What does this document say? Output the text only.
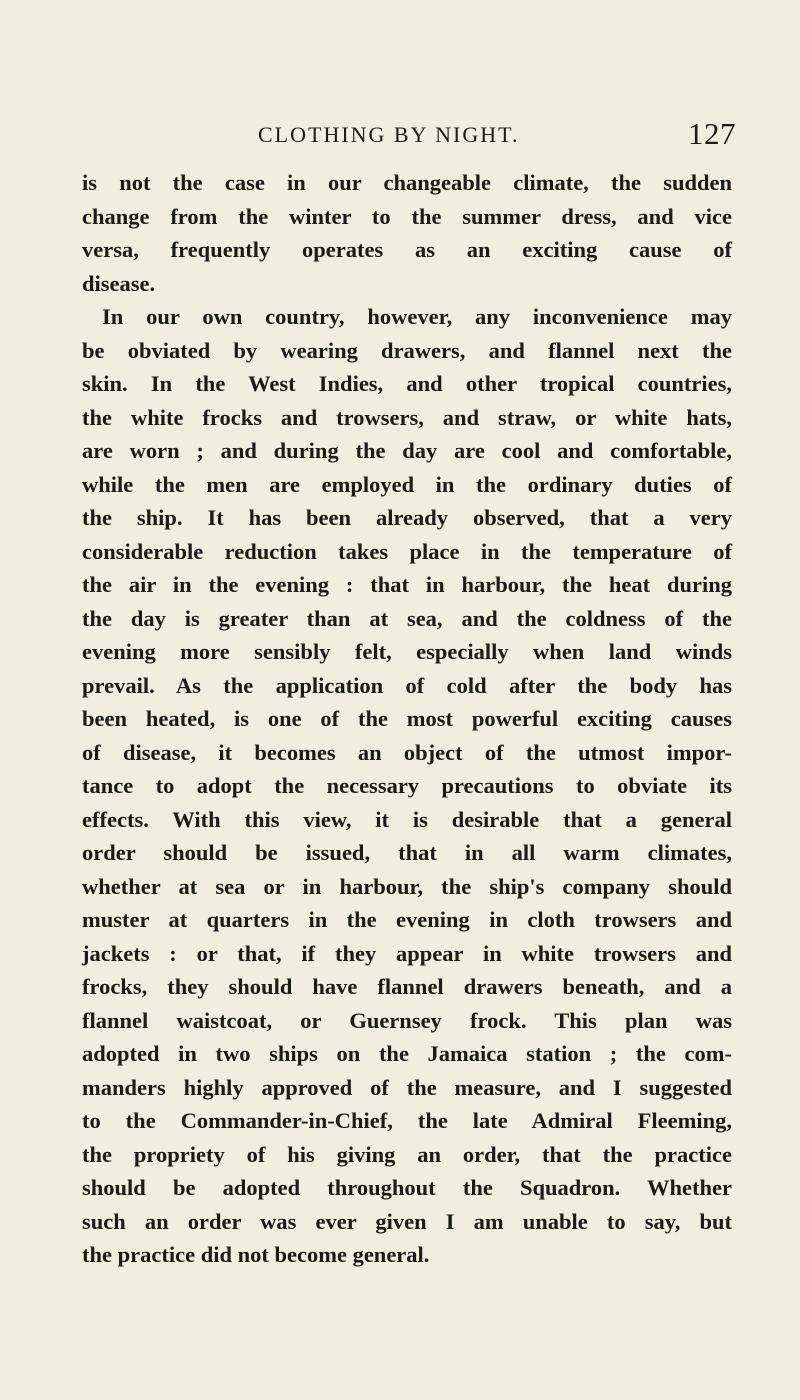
CLOTHING BY NIGHT.	127
is not the case in our changeable climate, the sudden
change from the winter to the summer dress, and vice
versa, frequently operates as an exciting cause of
disease.
In our own country, however, any inconvenience may
be obviated by wearing drawers, and flannel next the
skin. In the West Indies, and other tropical countries,
the white frocks and trowsers, and straw, or white hats,
are worn ; and during the day are cool and comfortable,
while the men are employed in the ordinary duties of
the ship. It has been already observed, that a very
considerable reduction takes place in the temperature of
the air in the evening : that in harbour, the heat during
the day is greater than at sea, and the coldness of the
evening more sensibly felt, especially when land winds
prevail. As the application of cold after the body has
been heated, is one of the most powerful exciting causes
of disease, it becomes an object of the utmost impor-
tance to adopt the necessary precautions to obviate its
effects. With this view, it is desirable that a general
order should be issued, that in all warm climates,
whether at sea or in harbour, the ship's company should
muster at quarters in the evening in cloth trowsers and
jackets : or that, if they appear in white trowsers and
frocks, they should have flannel drawers beneath, and a
flannel waistcoat, or Guernsey frock. This plan was
adopted in two ships on the Jamaica station ; the com-
manders highly approved of the measure, and I suggested
to the Commander-in-Chief, the late Admiral Fleeming,
the propriety of his giving an order, that the practice
should be adopted throughout the Squadron. Whether
such an order was ever given I am unable to say, but
the practice did not become general.
